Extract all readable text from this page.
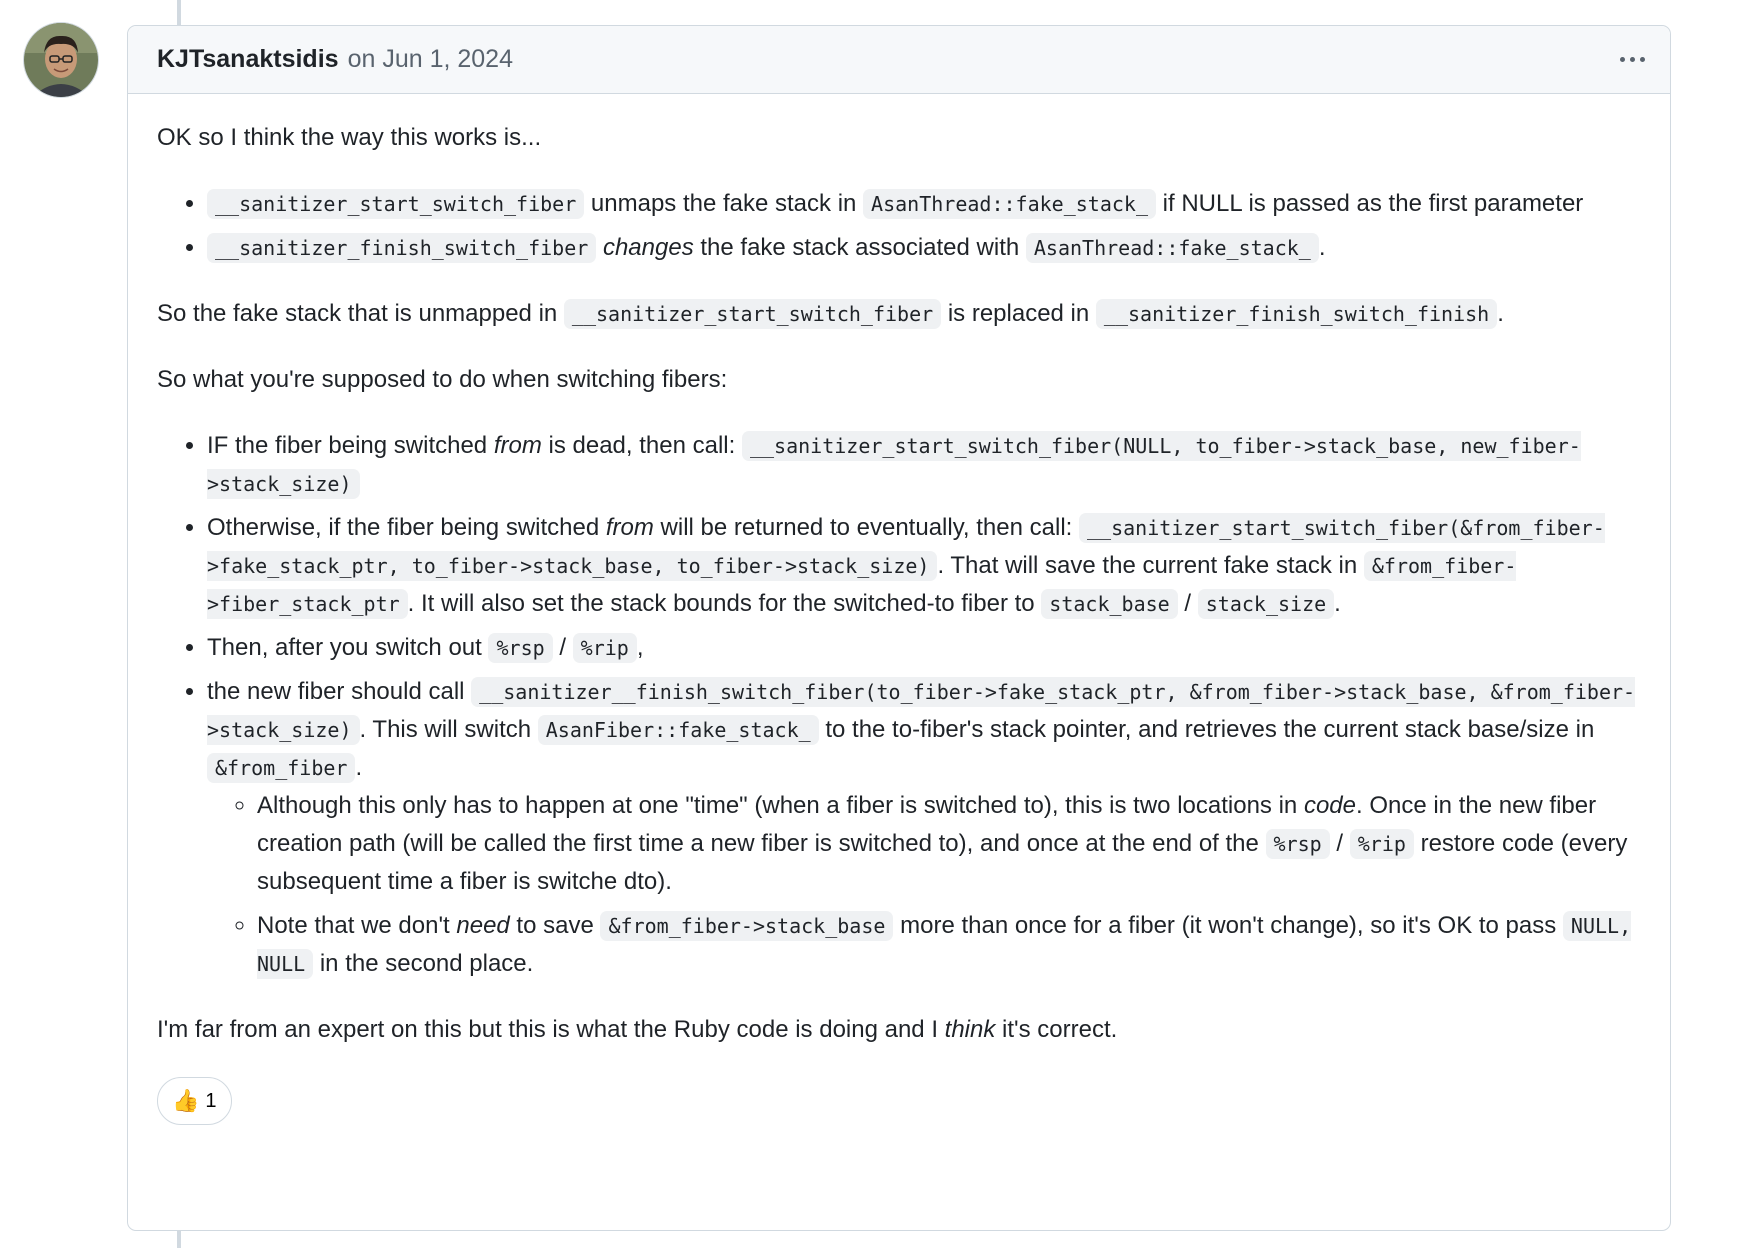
KJTsanaktsidis on Jun 1, 2024

OK so I think the way this works is...

• __sanitizer_start_switch_fiber unmaps the fake stack in AsanThread::fake_stack_ if NULL is passed as the first parameter
• __sanitizer_finish_switch_fiber changes the fake stack associated with AsanThread::fake_stack_ .

So the fake stack that is unmapped in __sanitizer_start_switch_fiber is replaced in __sanitizer_finish_switch_finish .

So what you're supposed to do when switching fibers:

• IF the fiber being switched from is dead, then call: __sanitizer_start_switch_fiber(NULL, to_fiber->stack_base, new_fiber->stack_size)
• Otherwise, if the fiber being switched from will be returned to eventually, then call: __sanitizer_start_switch_fiber(&from_fiber->fake_stack_ptr, to_fiber->stack_base, to_fiber->stack_size) . That will save the current fake stack in &from_fiber->fiber_stack_ptr . It will also set the stack bounds for the switched-to fiber to stack_base / stack_size .
• Then, after you switch out %rsp / %rip ,
• the new fiber should call __sanitizer__finish_switch_fiber(to_fiber->fake_stack_ptr, &from_fiber->stack_base, &from_fiber->stack_size) . This will switch AsanFiber::fake_stack_ to the to-fiber's stack pointer, and retrieves the current stack base/size in &from_fiber .
◦ Although this only has to happen at one "time" (when a fiber is switched to), this is two locations in code. Once in the new fiber creation path (will be called the first time a new fiber is switched to), and once at the end of the %rsp / %rip restore code (every subsequent time a fiber is switche dto).
◦ Note that we don't need to save &from_fiber->stack_base more than once for a fiber (it won't change), so it's OK to pass NULL, NULL in the second place.

I'm far from an expert on this but this is what the Ruby code is doing and I think it's correct.

👍 1
